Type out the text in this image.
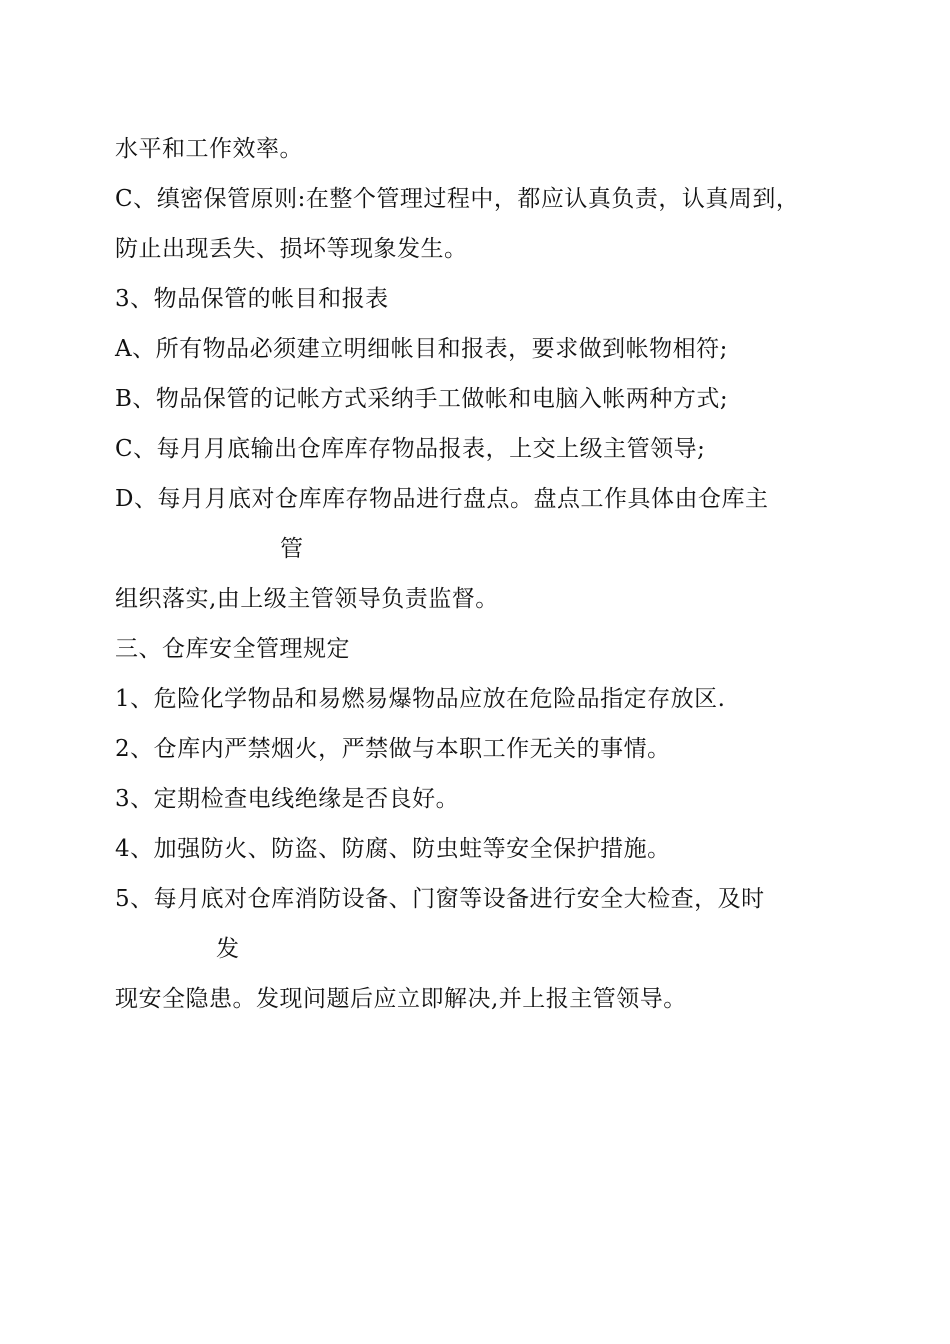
水平和工作效率。
C、缜密保管原则:在整个管理过程中，都应认真负责，认真周到，
防止出现丢失、损坏等现象发生。
3、物品保管的帐目和报表
A、所有物品必须建立明细帐目和报表，要求做到帐物相符;
B、物品保管的记帐方式采纳手工做帐和电脑入帐两种方式;
C、每月月底输出仓库库存物品报表，上交上级主管领导;
D、每月月底对仓库库存物品进行盘点。盘点工作具体由仓库主
管
组织落实,由上级主管领导负责监督。
三、仓库安全管理规定
1、危险化学物品和易燃易爆物品应放在危险品指定存放区.
2、仓库内严禁烟火，严禁做与本职工作无关的事情。
3、定期检查电线绝缘是否良好。
4、加强防火、防盗、防腐、防虫蛀等安全保护措施。
5、每月底对仓库消防设备、门窗等设备进行安全大检查，及时
发
现安全隐患。发现问题后应立即解决,并上报主管领导。
